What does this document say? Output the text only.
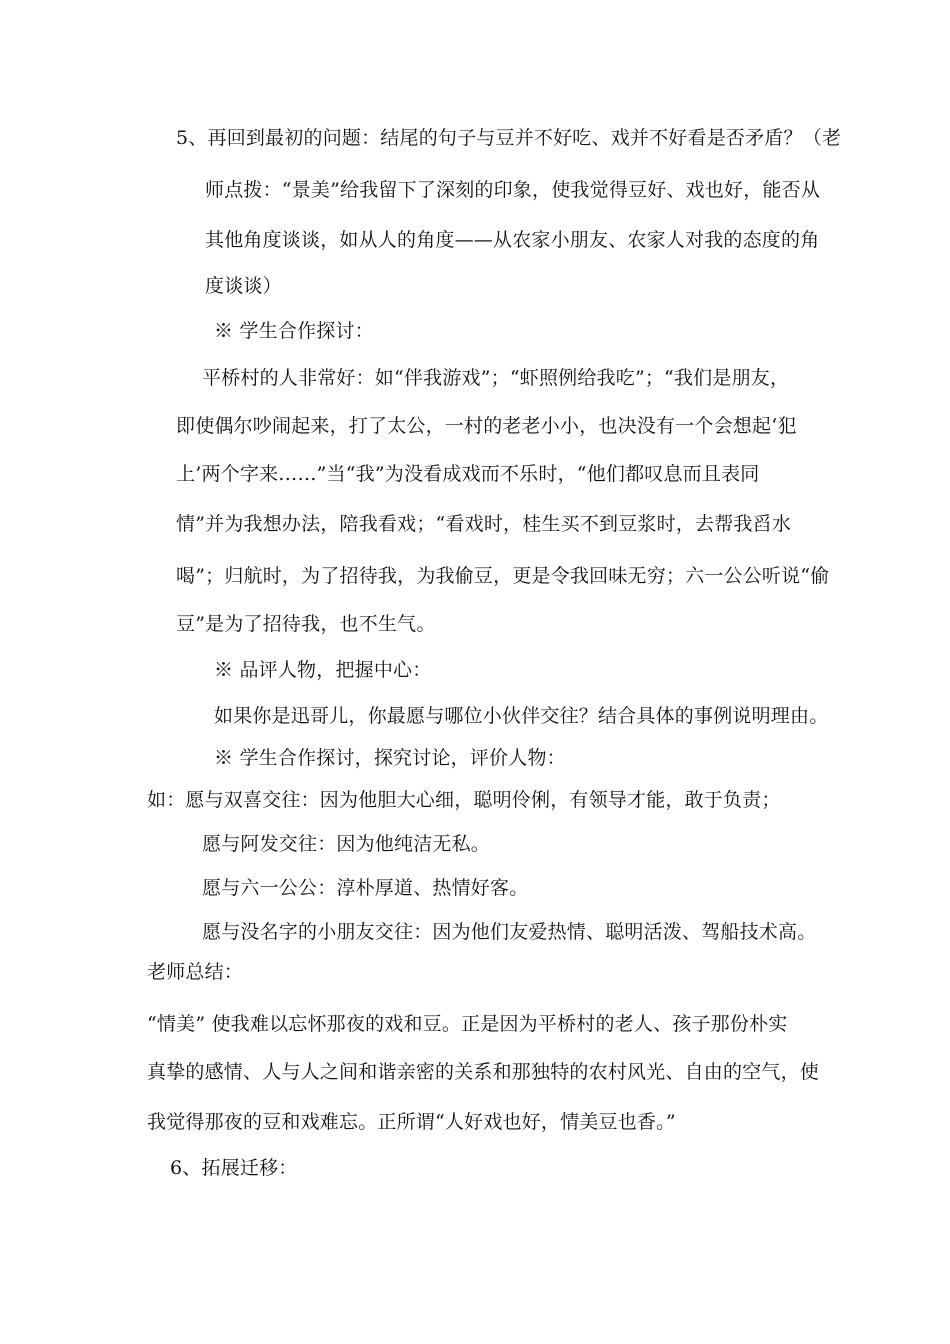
5、再回到最初的问题：结尾的句子与豆并不好吃、戏并不好看是否矛盾？（老
师点拨：“景美”给我留下了深刻的印象，使我觉得豆好、戏也好，能否从
其他角度谈谈，如从人的角度——从农家小朋友、农家人对我的态度的角
度谈谈）
※ 学生合作探讨：
平桥村的人非常好：如“伴我游戏”；“虾照例给我吃”；“我们是朋友，
即使偶尔吵闹起来，打了太公，一村的老老小小，也决没有一个会想起‘犯
上’两个字来……”当“我”为没看成戏而不乐时，“他们都叹息而且表同
情”并为我想办法，陪我看戏；“看戏时，桂生买不到豆浆时，去帮我舀水
喝”；归航时，为了招待我，为我偷豆，更是令我回味无穷；六一公公听说“偷
豆”是为了招待我，也不生气。
※ 品评人物，把握中心：
如果你是迅哥儿，你最愿与哪位小伙伴交往？结合具体的事例说明理由。
※ 学生合作探讨，探究讨论，评价人物：
如：愿与双喜交往：因为他胆大心细，聪明伶俐，有领导才能，敢于负责；
愿与阿发交往：因为他纯洁无私。
愿与六一公公：淳朴厚道、热情好客。
愿与没名字的小朋友交往：因为他们友爱热情、聪明活泼、驾船技术高。
老师总结：
“情美” 使我难以忘怀那夜的戏和豆。正是因为平桥村的老人、孩子那份朴实
真挚的感情、人与人之间和谐亲密的关系和那独特的农村风光、自由的空气，使
我觉得那夜的豆和戏难忘。正所谓“人好戏也好，情美豆也香。”
6、拓展迁移：
